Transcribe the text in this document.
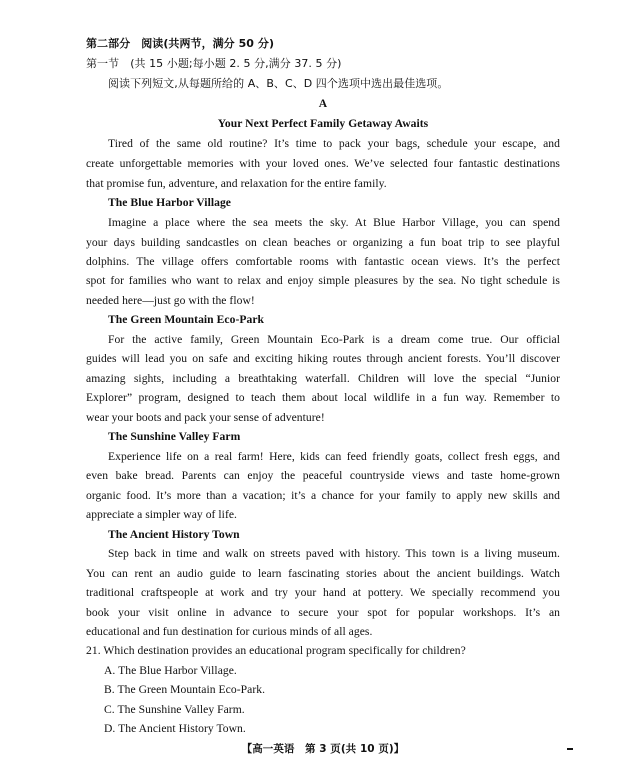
第二部分　阅读(共两节，满分 50 分)
第一节　(共 15 小题;每小题 2. 5 分,满分 37. 5 分)
阅读下列短文,从每题所给的 A、B、C、D 四个选项中选出最佳选项。
A
Your Next Perfect Family Getaway Awaits
Tired of the same old routine? It’s time to pack your bags, schedule your escape, and
create unforgettable memories with your loved ones. We’ve selected four fantastic destinations
that promise fun, adventure, and relaxation for the entire family.
The Blue Harbor Village
Imagine a place where the sea meets the sky. At Blue Harbor Village, you can spend
your days building sandcastles on clean beaches or organizing a fun boat trip to see playful
dolphins. The village offers comfortable rooms with fantastic ocean views. It’s the perfect
spot for families who want to relax and enjoy simple pleasures by the sea. No tight schedule is
needed here—just go with the flow!
The Green Mountain Eco-Park
For the active family, Green Mountain Eco-Park is a dream come true. Our official
guides will lead you on safe and exciting hiking routes through ancient forests. You’ll discover
amazing sights, including a breathtaking waterfall. Children will love the special “Junior
Explorer” program, designed to teach them about local wildlife in a fun way. Remember to
wear your boots and pack your sense of adventure!
The Sunshine Valley Farm
Experience life on a real farm! Here, kids can feed friendly goats, collect fresh eggs, and
even bake bread. Parents can enjoy the peaceful countryside views and taste home-grown
organic food. It’s more than a vacation; it’s a chance for your family to apply new skills and
appreciate a simpler way of life.
The Ancient History Town
Step back in time and walk on streets paved with history. This town is a living museum.
You can rent an audio guide to learn fascinating stories about the ancient buildings. Watch
traditional craftspeople at work and try your hand at pottery. We specially recommend you
book your visit online in advance to secure your spot for popular workshops. It’s an
educational and fun destination for curious minds of all ages.
21. Which destination provides an educational program specifically for children?
A. The Blue Harbor Village.
B. The Green Mountain Eco-Park.
C. The Sunshine Valley Farm.
D. The Ancient History Town.
【高一英语　第 3 页(共 10 页)】
